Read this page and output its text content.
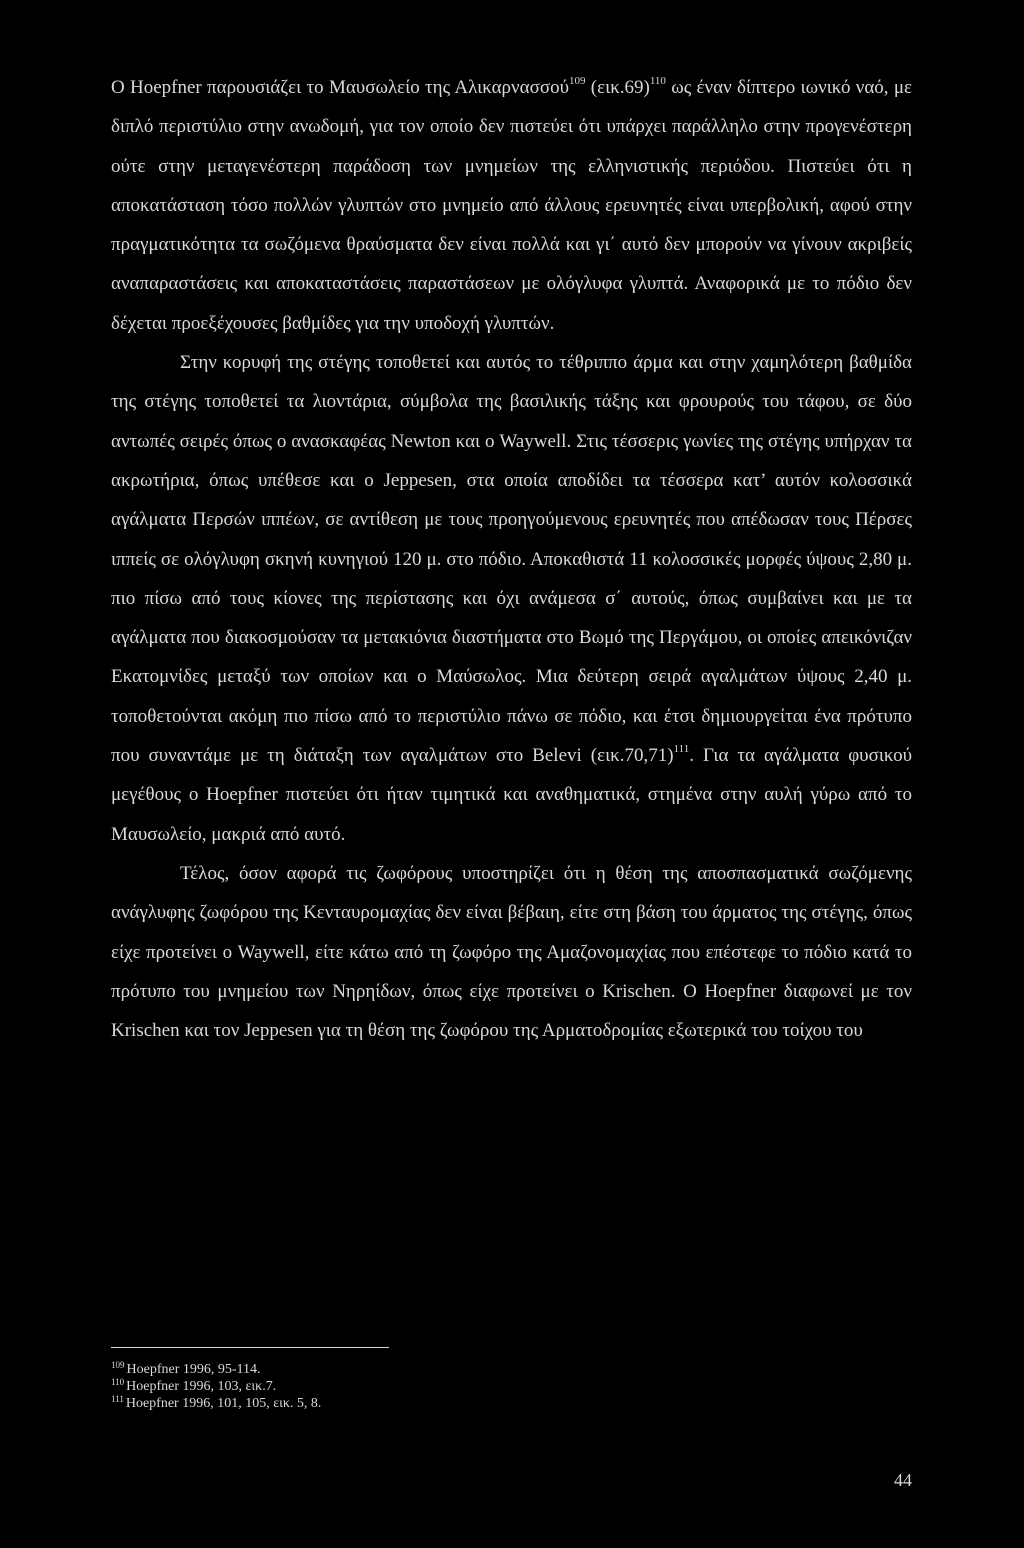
Ο Hoepfner παρουσιάζει το Μαυσωλείο της Αλικαρνασσού$^{109}$ $(\varepsilon\iota\kappa.69)^{110}$ ως έναν δίπτερο ιωνικό ναό, με διπλό περιστύλιο στην ανωδομή, για τον οποίο δεν πιστεύει ότι υπάρχει παράλληλο στην προγενέστερη ούτε στην μεταγενέστερη παράδοση των μνημείων της ελληνιστικής περιόδου. Πιστεύει ότι η αποκατάσταση τόσο πολλών γλυπτών στο μνημείο από άλλους ερευνητές είναι υπερβολική, αφού στην πραγματικότητα τα σωζόμενα θραύσματα δεν είναι πολλά και γι΄ αυτό δεν μπορούν να γίνουν ακριβείς αναπαραστάσεις και αποκαταστάσεις παραστάσεων με ολόγλυφα γλυπτά. Αναφορικά με το πόδιο δεν δέχεται προεξέχουσες βαθμίδες για την υποδοχή γλυπτών.

Στην κορυφή της στέγης τοποθετεί και αυτός το τέθριππο άρμα και στην χαμηλότερη βαθμίδα της στέγης τοποθετεί τα λιοντάρια, σύμβολα της βασιλικής τάξης και φρουρούς του τάφου, σε δύο αντωπές σειρές όπως ο ανασκαφέας Newton και ο Waywell. Στις τέσσερις γωνίες της στέγης υπήρχαν τα ακρωτήρια, όπως υπέθεσε και ο Jeppesen, στα οποία αποδίδει τα τέσσερα κατ’ αυτόν κολοσσικά αγάλματα Περσών ιππέων, σε αντίθεση με τους προηγούμενους ερευνητές που απέδωσαν τους Πέρσες ιππείς σε ολόγλυφη σκηνή κυνηγιού 120 μ. στο πόδιο. Αποκαθιστά 11 κολοσσικές μορφές ύψους 2,80 μ. πιο πίσω από τους κίονες της περίστασης και όχι ανάμεσα σ΄ αυτούς, όπως συμβαίνει και με τα αγάλματα που διακοσμούσαν τα μετακιόνια διαστήματα στο Βωμό της Περγάμου, οι οποίες απεικόνιζαν Εκατομνίδες μεταξύ των οποίων και ο Μαύσωλος. Μια δεύτερη σειρά αγαλμάτων ύψους 2,40 μ. τοποθετούνται ακόμη πιο πίσω από το περιστύλιο πάνω σε πόδιο, και έτσι δημιουργείται ένα πρότυπο που συναντάμε με τη διάταξη των αγαλμάτων στο Belevi $(\varepsilon\iota\kappa.70,71)^{111}$. Για τα αγάλματα φυσικού μεγέθους ο Hoepfner πιστεύει ότι ήταν τιμητικά και αναθηματικά, στημένα στην αυλή γύρω από το Μαυσωλείο, μακριά από αυτό.

Τέλος, όσον αφορά τις ζωφόρους υποστηρίζει ότι η θέση της αποσπασματικά σωζόμενης ανάγλυφης ζωφόρου της Κενταυρομαχίας δεν είναι βέβαιη, είτε στη βάση του άρματος της στέγης, όπως είχε προτείνει ο Waywell, είτε κάτω από τη ζωφόρο της Αμαζονομαχίας που επέστεφε το πόδιο κατά το πρότυπο του μνημείου των Νηρηίδων, όπως είχε προτείνει ο Krischen. Ο Hoepfner διαφωνεί με τον Krischen και τον Jeppesen για τη θέση της ζωφόρου της Αρματοδρομίας εξωτερικά του τοίχου του

$^{109}$ Hoepfner 1996, 95-114.
$^{110}$ Hoepfner 1996, 103, εικ.7.
$^{111}$ Hoepfner 1996, 101, 105, εικ. 5, 8.
44
